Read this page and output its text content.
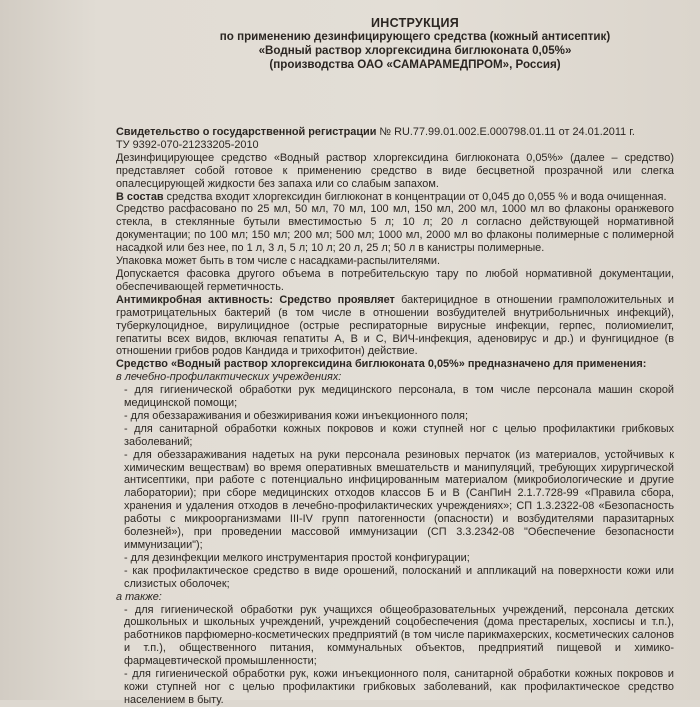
ИНСТРУКЦИЯ
по применению дезинфицирующего средства (кожный антисептик)
«Водный раствор хлоргексидина биглюконата 0,05%»
(производства ОАО «САМАРАМЕДПРОМ», Россия)

Свидетельство о государственной регистрации № RU.77.99.01.002.Е.000798.01.11 от 24.01.2011 г.

ТУ 9392-070-21233205-2010

Дезинфицирующее средство «Водный раствор хлоргексидина биглюконата 0,05%» (далее – средство) представляет собой готовое к применению средство в виде бесцветной прозрачной или слегка опалесцирующей жидкости без запаха или со слабым запахом.

В состав средства входит хлоргексидин биглюконат в концентрации от 0,045 до 0,055 % и вода очищенная.

Средство расфасовано по 25 мл, 50 мл, 70 мл, 100 мл, 150 мл, 200 мл, 1000 мл во флаконы оранжевого стекла, в стеклянные бутыли вместимостью 5 л; 10 л; 20 л согласно действующей нормативной документации; по 100 мл; 150 мл; 200 мл; 500 мл; 1000 мл, 2000 мл во флаконы полимерные с полимерной насадкой или без нее, по 1 л, 3 л, 5 л; 10 л; 20 л, 25 л; 50 л в канистры полимерные.

Упаковка может быть в том числе с насадками-распылителями.

Допускается фасовка другого объема в потребительскую тару по любой нормативной документации, обеспечивающей герметичность.

Антимикробная активность: Средство проявляет бактерицидное в отношении грамположительных и грамотрицательных бактерий (в том числе в отношении возбудителей внутрибольничных инфекций), туберкулоцидное, вирулицидное (острые респираторные вирусные инфекции, герпес, полиомиелит, гепатиты всех видов, включая гепатиты А, В и С, ВИЧ-инфекция, аденовирус и др.) и фунгицидное (в отношении грибов родов Кандида и трихофитон) действие.

Средство «Водный раствор хлоргексидина биглюконата 0,05%» предназначено для применения:

в лечебно-профилактических учреждениях:

- для гигиенической обработки рук медицинского персонала, в том числе персонала машин скорой медицинской помощи;

- для обеззараживания и обезжиривания кожи инъекционного поля;

- для санитарной обработки кожных покровов и кожи ступней ног с целью профилактики грибковых заболеваний;

- для обеззараживания надетых на руки персонала резиновых перчаток (из материалов, устойчивых к химическим веществам) во время оперативных вмешательств и манипуляций, требующих хирургической антисептики, при работе с потенциально инфицированным материалом (микробиологические и другие лаборатории); при сборе медицинских отходов классов Б и В (СанПиН 2.1.7.728-99 «Правила сбора, хранения и удаления отходов в лечебно-профилактических учреждениях»; СП 1.3.2322-08 «Безопасность работы с микроорганизмами III-IV групп патогенности (опасности) и возбудителями паразитарных болезней»), при проведении массовой иммунизации (СП 3.3.2342-08 "Обеспечение безопасности иммунизации");

- для дезинфекции мелкого инструментария простой конфигурации;

- как профилактическое средство в виде орошений, полосканий и аппликаций на поверхности кожи или слизистых оболочек;

а также:

- для гигиенической обработки рук учащихся общеобразовательных учреждений, персонала детских дошкольных и школьных учреждений, учреждений соцобеспечения (дома престарелых, хосписы и т.п.), работников парфюмерно-косметических предприятий (в том числе парикмахерских, косметических салонов и т.п.), общественного питания, коммунальных объектов, предприятий пищевой и химико-фармацевтической промышленности;

- для гигиенической обработки рук, кожи инъекционного поля, санитарной обработки кожных покровов и кожи ступней ног с целью профилактики грибковых заболеваний, как профилактическое средство населением в быту.
